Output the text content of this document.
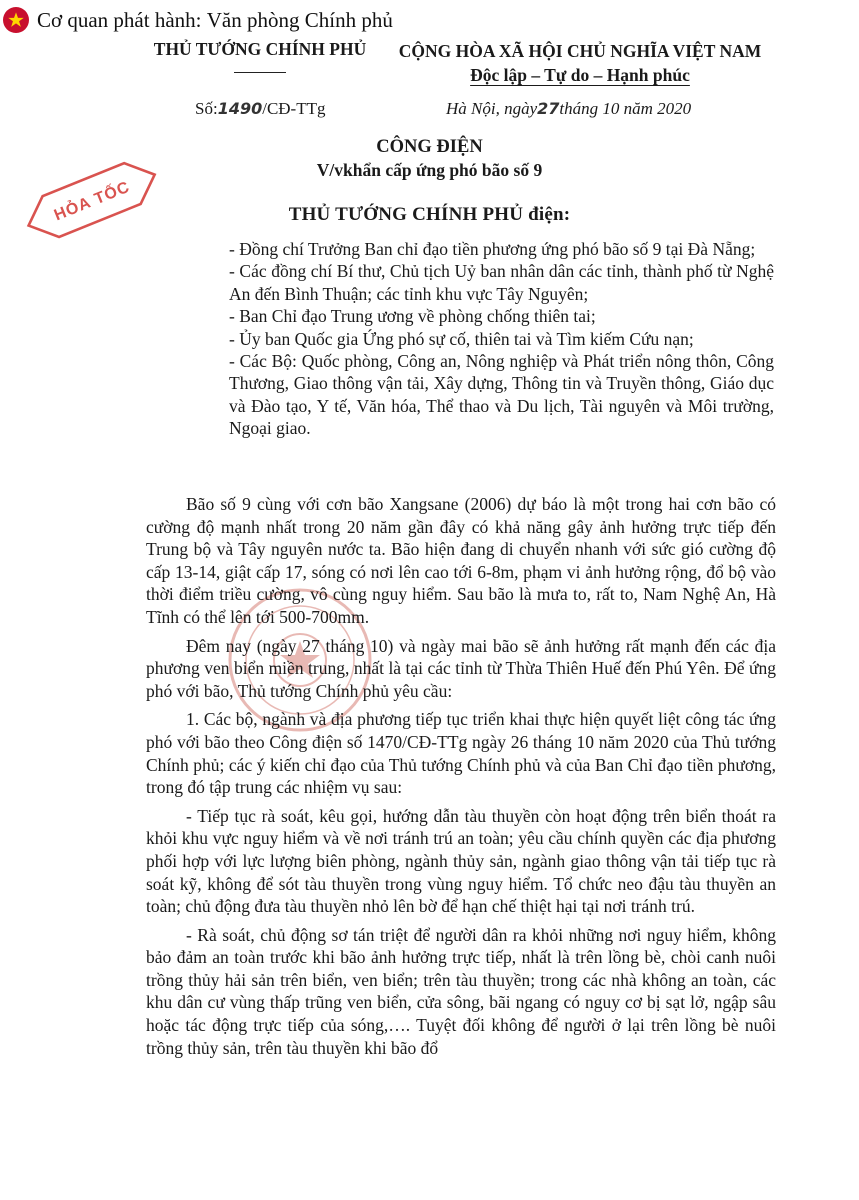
Cơ quan phát hành:
Văn phòng Chính phủ
THỦ TƯỚNG CHÍNH PHỦ	CỘNG HÒA XÃ HỘI CHỦ NGHĨA VIỆT NAM
Độc lập – Tự do – Hạnh phúc
Số:1490/CĐ-TTg	Hà Nội, ngày27tháng 10 năm 2020
CÔNG ĐIỆN
V/vkhẩn cấp ứng phó bão số 9
HỎA TỐC	THỦ TƯỚNG CHÍNH PHỦ điện:

- Đồng chí Trưởng Ban chỉ đạo tiền phương ứng phó bão số 9 tại Đà Nẵng;

- Các đồng chí Bí thư, Chủ tịch Uỷ ban nhân dân các tỉnh, thành phố từ Nghệ An đến Bình Thuận; các tỉnh khu vực Tây Nguyên;

- Ban Chỉ đạo Trung ương về phòng chống thiên tai;

- Ủy ban Quốc gia Ứng phó sự cố, thiên tai và Tìm kiếm Cứu nạn;

- Các Bộ: Quốc phòng, Công an, Nông nghiệp và Phát triển nông thôn, Công Thương, Giao thông vận tải, Xây dựng, Thông tin và Truyền thông, Giáo dục và Đào tạo, Y tế, Văn hóa, Thể thao và Du lịch, Tài nguyên và Môi trường, Ngoại giao.

Bão số 9 cùng với cơn bão Xangsane (2006) dự báo là một trong hai cơn bão có cường độ mạnh nhất trong 20 năm gần đây có khả năng gây ảnh hưởng trực tiếp đến Trung bộ và Tây nguyên nước ta. Bão hiện đang di chuyển nhanh với sức gió cường độ cấp 13-14, giật cấp 17, sóng có nơi lên cao tới 6-8m, phạm vi ảnh hưởng rộng, đổ bộ vào thời điểm triều cường, vô cùng nguy hiểm. Sau bão là mưa to, rất to, Nam Nghệ An, Hà Tĩnh có thể lên tới 500-700mm.

Đêm nay (ngày 27 tháng 10) và ngày mai bão sẽ ảnh hưởng rất mạnh đến các địa phương ven biển miền trung, nhất là tại các tỉnh từ Thừa Thiên Huế đến Phú Yên. Để ứng phó với bão, Thủ tướng Chính phủ yêu cầu:

1. Các bộ, ngành và địa phương tiếp tục triển khai thực hiện quyết liệt công tác ứng phó với bão theo Công điện số 1470/CĐ-TTg ngày 26 tháng 10 năm 2020 của Thủ tướng Chính phủ; các ý kiến chỉ đạo của Thủ tướng Chính phủ và của Ban Chỉ đạo tiền phương, trong đó tập trung các nhiệm vụ sau:

- Tiếp tục rà soát, kêu gọi, hướng dẫn tàu thuyền còn hoạt động trên biển thoát ra khỏi khu vực nguy hiểm và về nơi tránh trú an toàn; yêu cầu chính quyền các địa phương phối hợp với lực lượng biên phòng, ngành thủy sản, ngành giao thông vận tải tiếp tục rà soát kỹ, không để sót tàu thuyền trong vùng nguy hiểm. Tổ chức neo đậu tàu thuyền an toàn; chủ động đưa tàu thuyền nhỏ lên bờ để hạn chế thiệt hại tại nơi tránh trú.

- Rà soát, chủ động sơ tán triệt để người dân ra khỏi những nơi nguy hiểm, không bảo đảm an toàn trước khi bão ảnh hưởng trực tiếp, nhất là trên lồng bè, chòi canh nuôi trồng thủy hải sản trên biển, ven biển; trên tàu thuyền; trong các nhà không an toàn, các khu dân cư vùng thấp trũng ven biển, cửa sông, bãi ngang có nguy cơ bị sạt lở, ngập sâu hoặc tác động trực tiếp của sóng,…. Tuyệt đối không để người ở lại trên lồng bè nuôi trồng thủy sản, trên tàu thuyền khi bão đổ
